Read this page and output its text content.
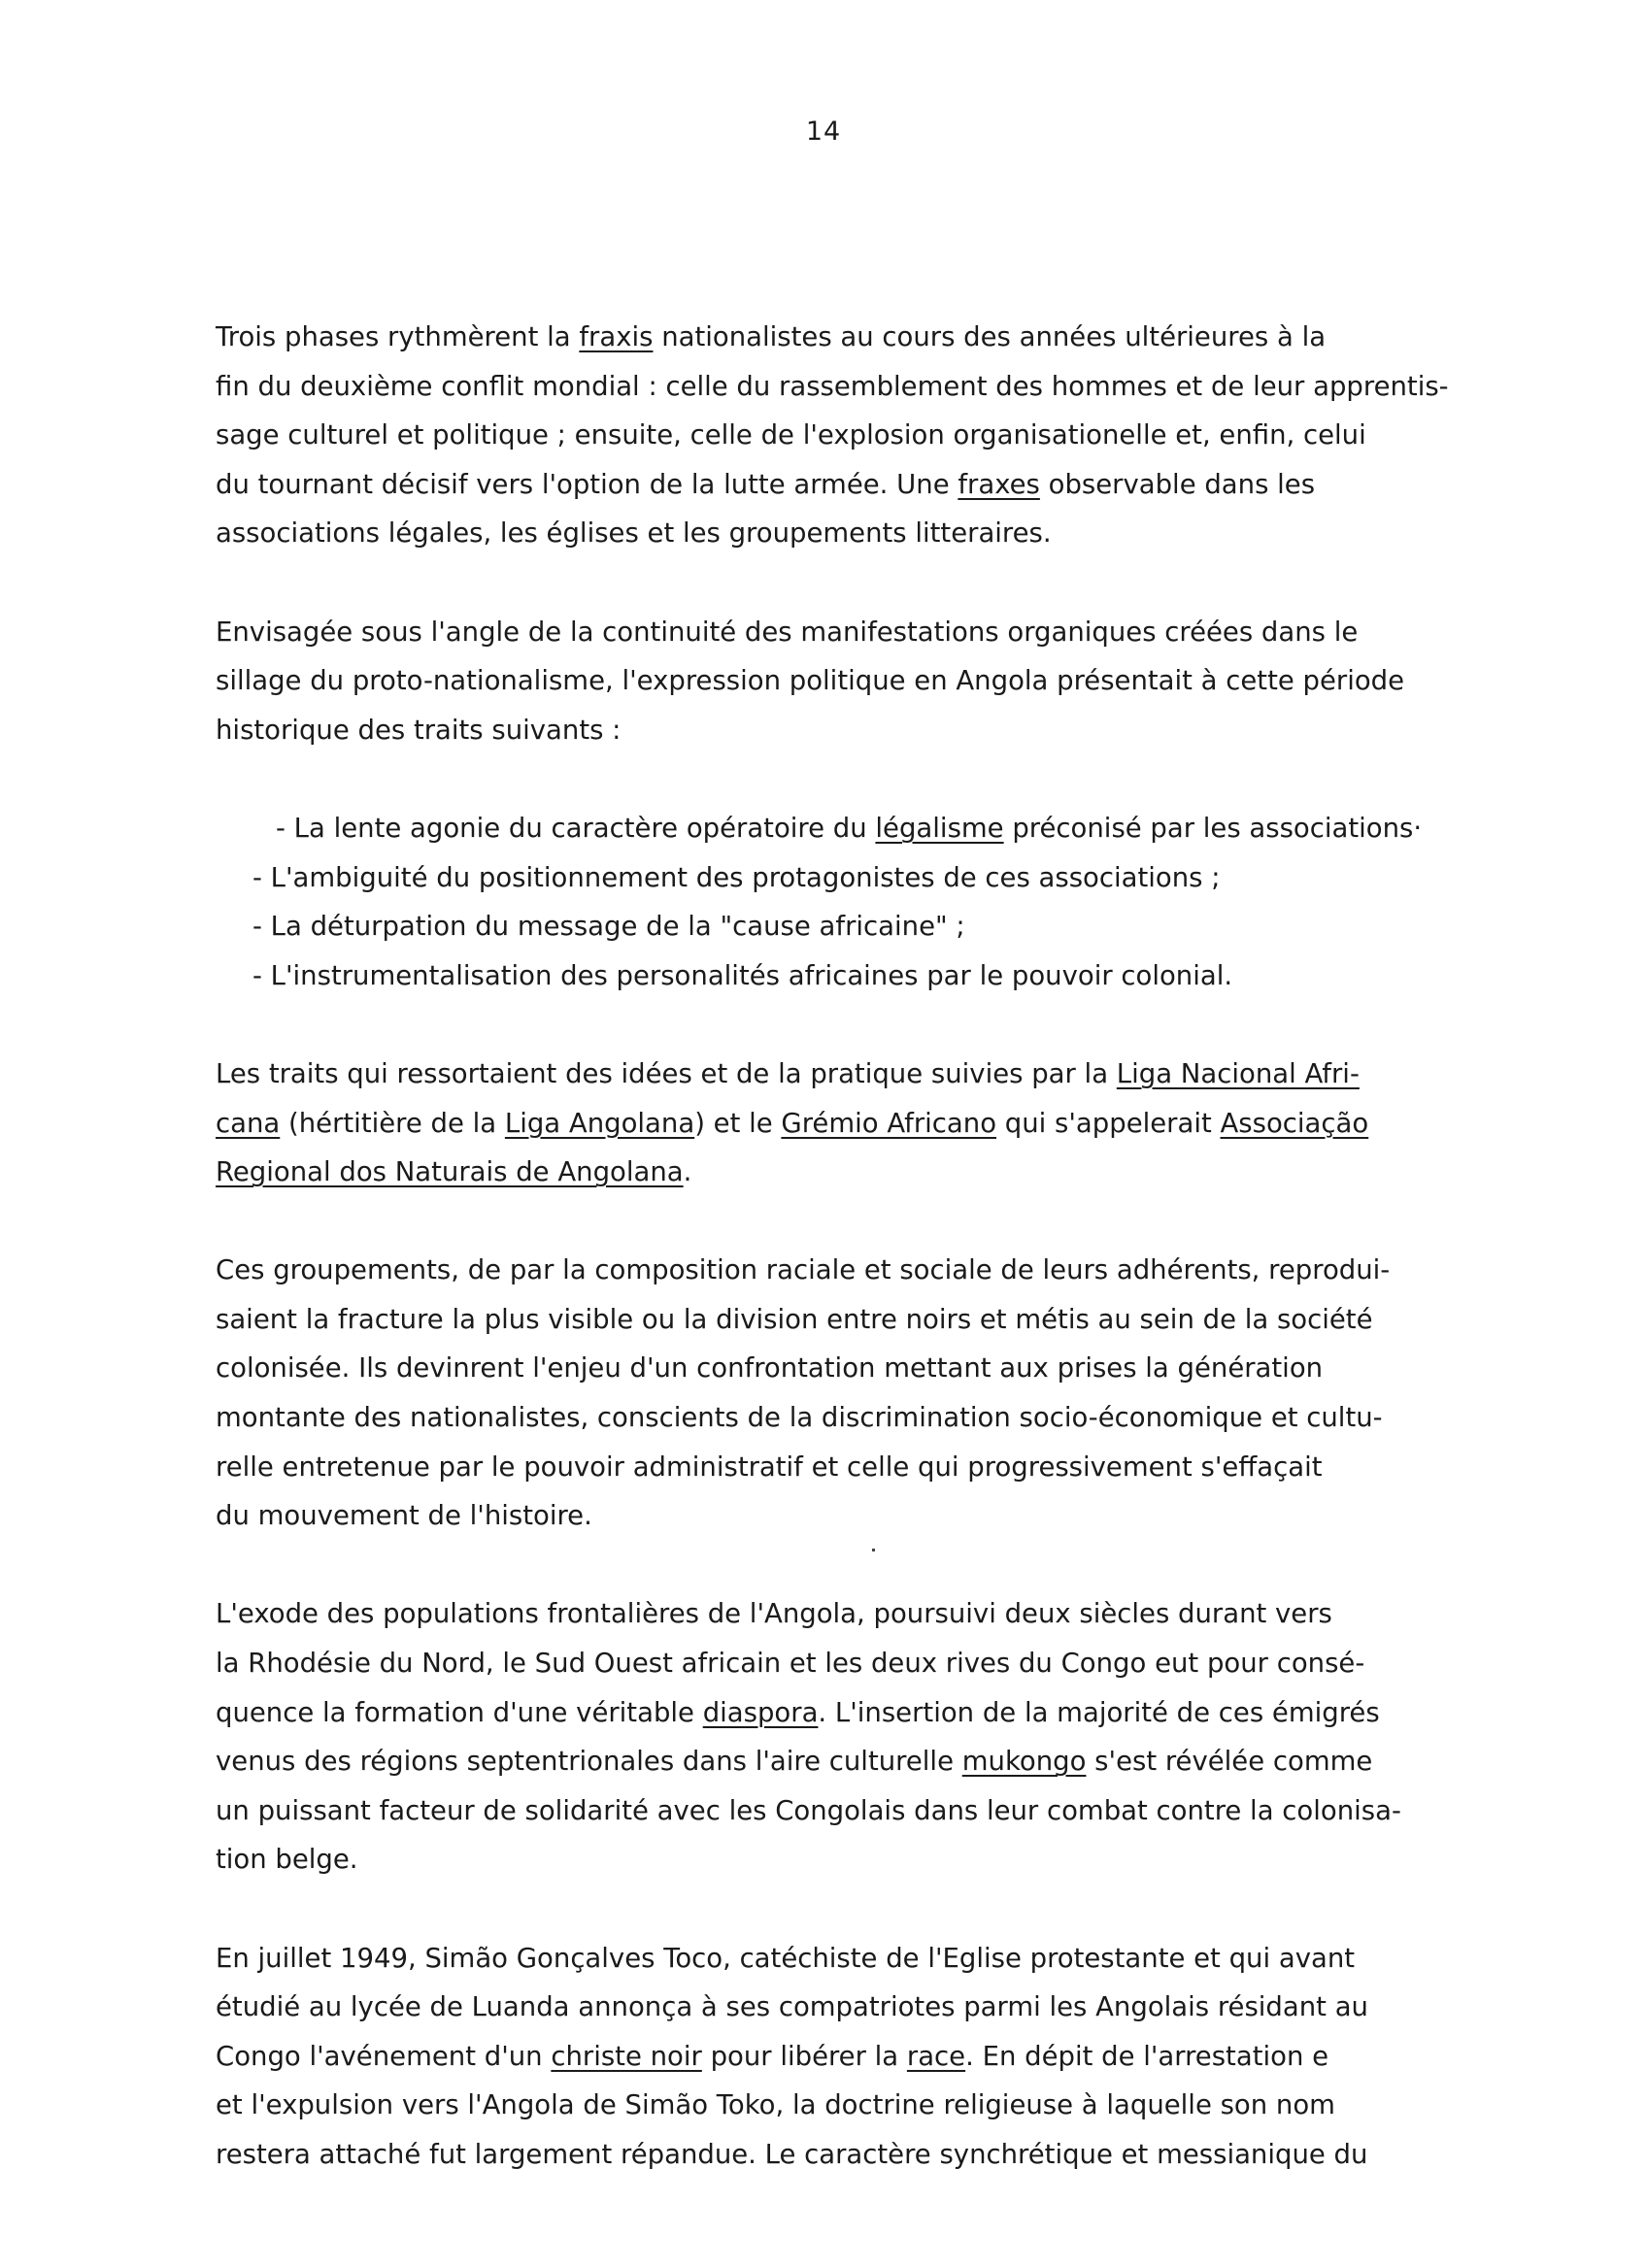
14
Trois phases rythmèrent la fraxis nationalistes au cours des années ultérieures à la
fin du deuxième conflit mondial : celle du rassemblement des hommes et de leur apprentis-
sage culturel et politique ; ensuite, celle de l'explosion organisationelle et, enfin, celui
du tournant décisif vers l'option de la lutte armée. Une fraxes observable dans les
associations légales, les églises et les groupements litteraires.
Envisagée sous l'angle de la continuité des manifestations organiques créées dans le
sillage du proto-nationalisme, l'expression politique en Angola présentait à cette période
historique des traits suivants :
- La lente agonie du caractère opératoire du légalisme préconisé par les associations·
- L'ambiguité du positionnement des protagonistes de ces associations ;
- La déturpation du message de la "cause africaine" ;
- L'instrumentalisation des personalités africaines par le pouvoir colonial.
Les traits qui ressortaient des idées et de la pratique suivies par la Liga Nacional Afri-
cana (hértitière de la Liga Angolana) et le Grémio Africano qui s'appelerait Associação
Regional dos Naturais de Angolana.
Ces groupements, de par la composition raciale et sociale de leurs adhérents, reprodui-
saient la fracture la plus visible ou la division entre noirs et métis au sein de la société
colonisée. Ils devinrent l'enjeu d'un confrontation mettant aux prises la génération
montante des nationalistes, conscients de la discrimination socio-économique et cultu-
relle entretenue par le pouvoir administratif et celle qui progressivement s'effaçait
du mouvement de l'histoire.
L'exode des populations frontalières de l'Angola, poursuivi deux siècles durant vers
la Rhodésie du Nord, le Sud Ouest africain et les deux rives du Congo eut pour consé-
quence la formation d'une véritable diaspora. L'insertion de la majorité de ces émigrés
venus des régions septentrionales dans l'aire culturelle mukongo s'est révélée comme
un puissant facteur de solidarité avec les Congolais dans leur combat contre la colonisa-
tion belge.
En juillet 1949, Simão Gonçalves Toco, catéchiste de l'Eglise protestante et qui avant
étudié au lycée de Luanda annonça à ses compatriotes parmi les Angolais résidant au
Congo l'avénement d'un christe noir pour libérer la race. En dépit de l'arrestation e
et l'expulsion vers l'Angola de Simão Toko, la doctrine religieuse à laquelle son nom
restera attaché fut largement répandue. Le caractère synchrétique et messianique du
